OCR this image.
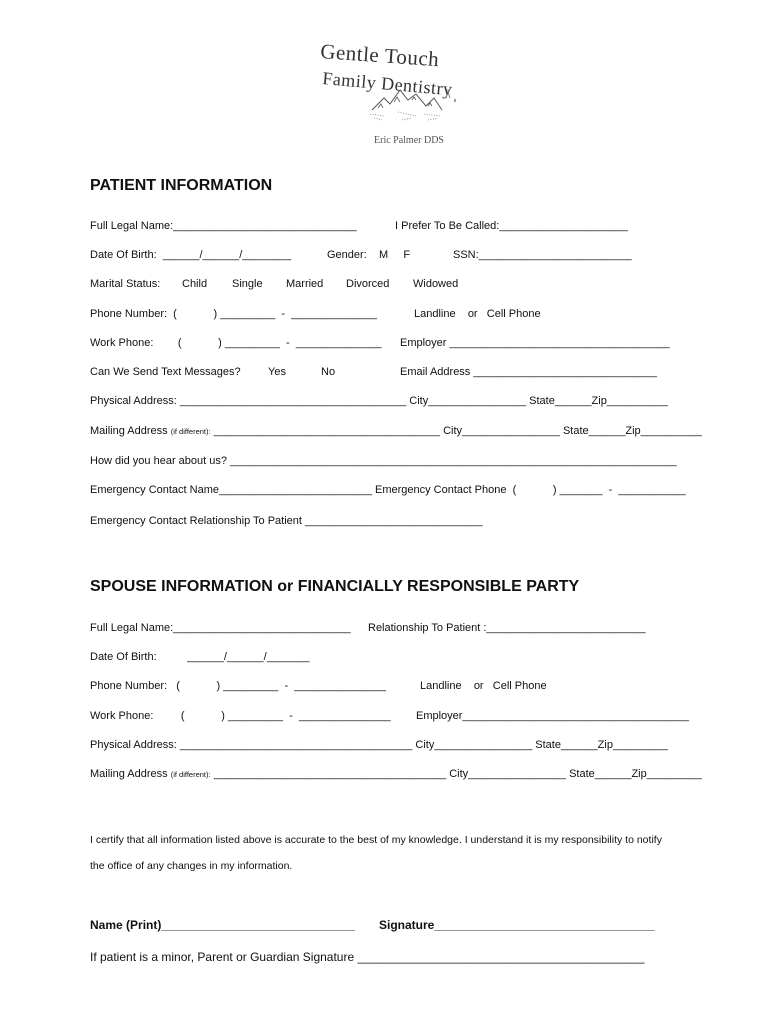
Gentle Touch
Family Dentistry
Eric Palmer DDS
PATIENT INFORMATION
Full Legal Name:______________________________	I Prefer To Be Called:_____________________
Date Of Birth:  ______/______/________	Gender:    M     F	SSN:_________________________
Marital Status: Child Single Married Divorced Widowed
Phone Number:  (            ) _________  -  ______________	Landline    or   Cell Phone
Work Phone:        (            ) _________  -  ______________ Employer ____________________________________
Can We Send Text Messages? Yes	No	Email Address ______________________________
Physical Address: _____________________________________ City________________ State______Zip__________
Mailing Address (if different): _____________________________________ City________________ State______Zip__________
How did you hear about us? _________________________________________________________________________
Emergency Contact Name_________________________ Emergency Contact Phone  (            ) _______  -  ___________
Emergency Contact Relationship To Patient _____________________________
SPOUSE INFORMATION or FINANCIALLY RESPONSIBLE PARTY
Full Legal Name:_____________________________ Relationship To Patient :__________________________
Date Of Birth:          ______/______/_______
Phone Number:   (            ) _________  -  _______________	Landline    or   Cell Phone
Work Phone:         (            ) _________  -  _______________ Employer_____________________________________
Physical Address: ______________________________________ City________________ State______Zip_________
Mailing Address (if different): ______________________________________ City________________ State______Zip_________
I certify that all information listed above is accurate to the best of my knowledge. I understand it is my responsibility to notify
the office of any changes in my information.
Name (Print)_____________________________ Signature_________________________________
If patient is a minor, Parent or Guardian Signature ___________________________________________
